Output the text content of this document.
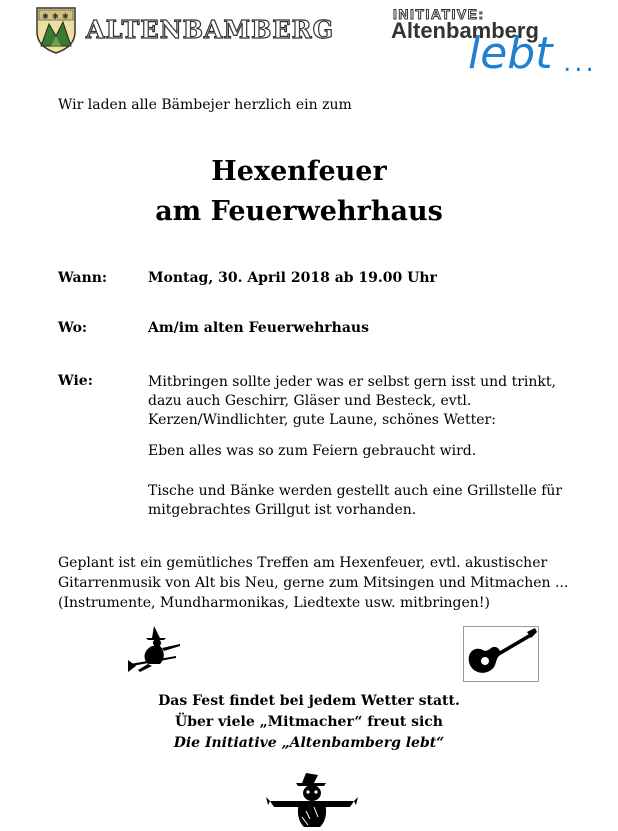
✱ ✱ ✱ ALTENBAMBERG
INITIATIVE:
Altenbamberg
lebt ...
Wir laden alle Bämbejer herzlich ein zum
Hexenfeuer
am Feuerwehrhaus
Wann:	Montag, 30. April 2018 ab 19.00 Uhr
Wo:	Am/im alten Feuerwehrhaus
Wie:	Mitbringen sollte jeder was er selbst gern isst und trinkt,
dazu auch Geschirr, Gläser und Besteck, evtl.
Kerzen/Windlichter, gute Laune, schönes Wetter:
Eben alles was so zum Feiern gebraucht wird.
Tische und Bänke werden gestellt auch eine Grillstelle für
mitgebrachtes Grillgut ist vorhanden.
Geplant ist ein gemütliches Treffen am Hexenfeuer, evtl. akustischer
Gitarrenmusik von Alt bis Neu, gerne zum Mitsingen und Mitmachen ...
(Instrumente, Mundharmonikas, Liedtexte usw. mitbringen!)
Das Fest findet bei jedem Wetter statt.
Über viele „Mitmacher“ freut sich
Die Initiative „Altenbamberg lebt“
